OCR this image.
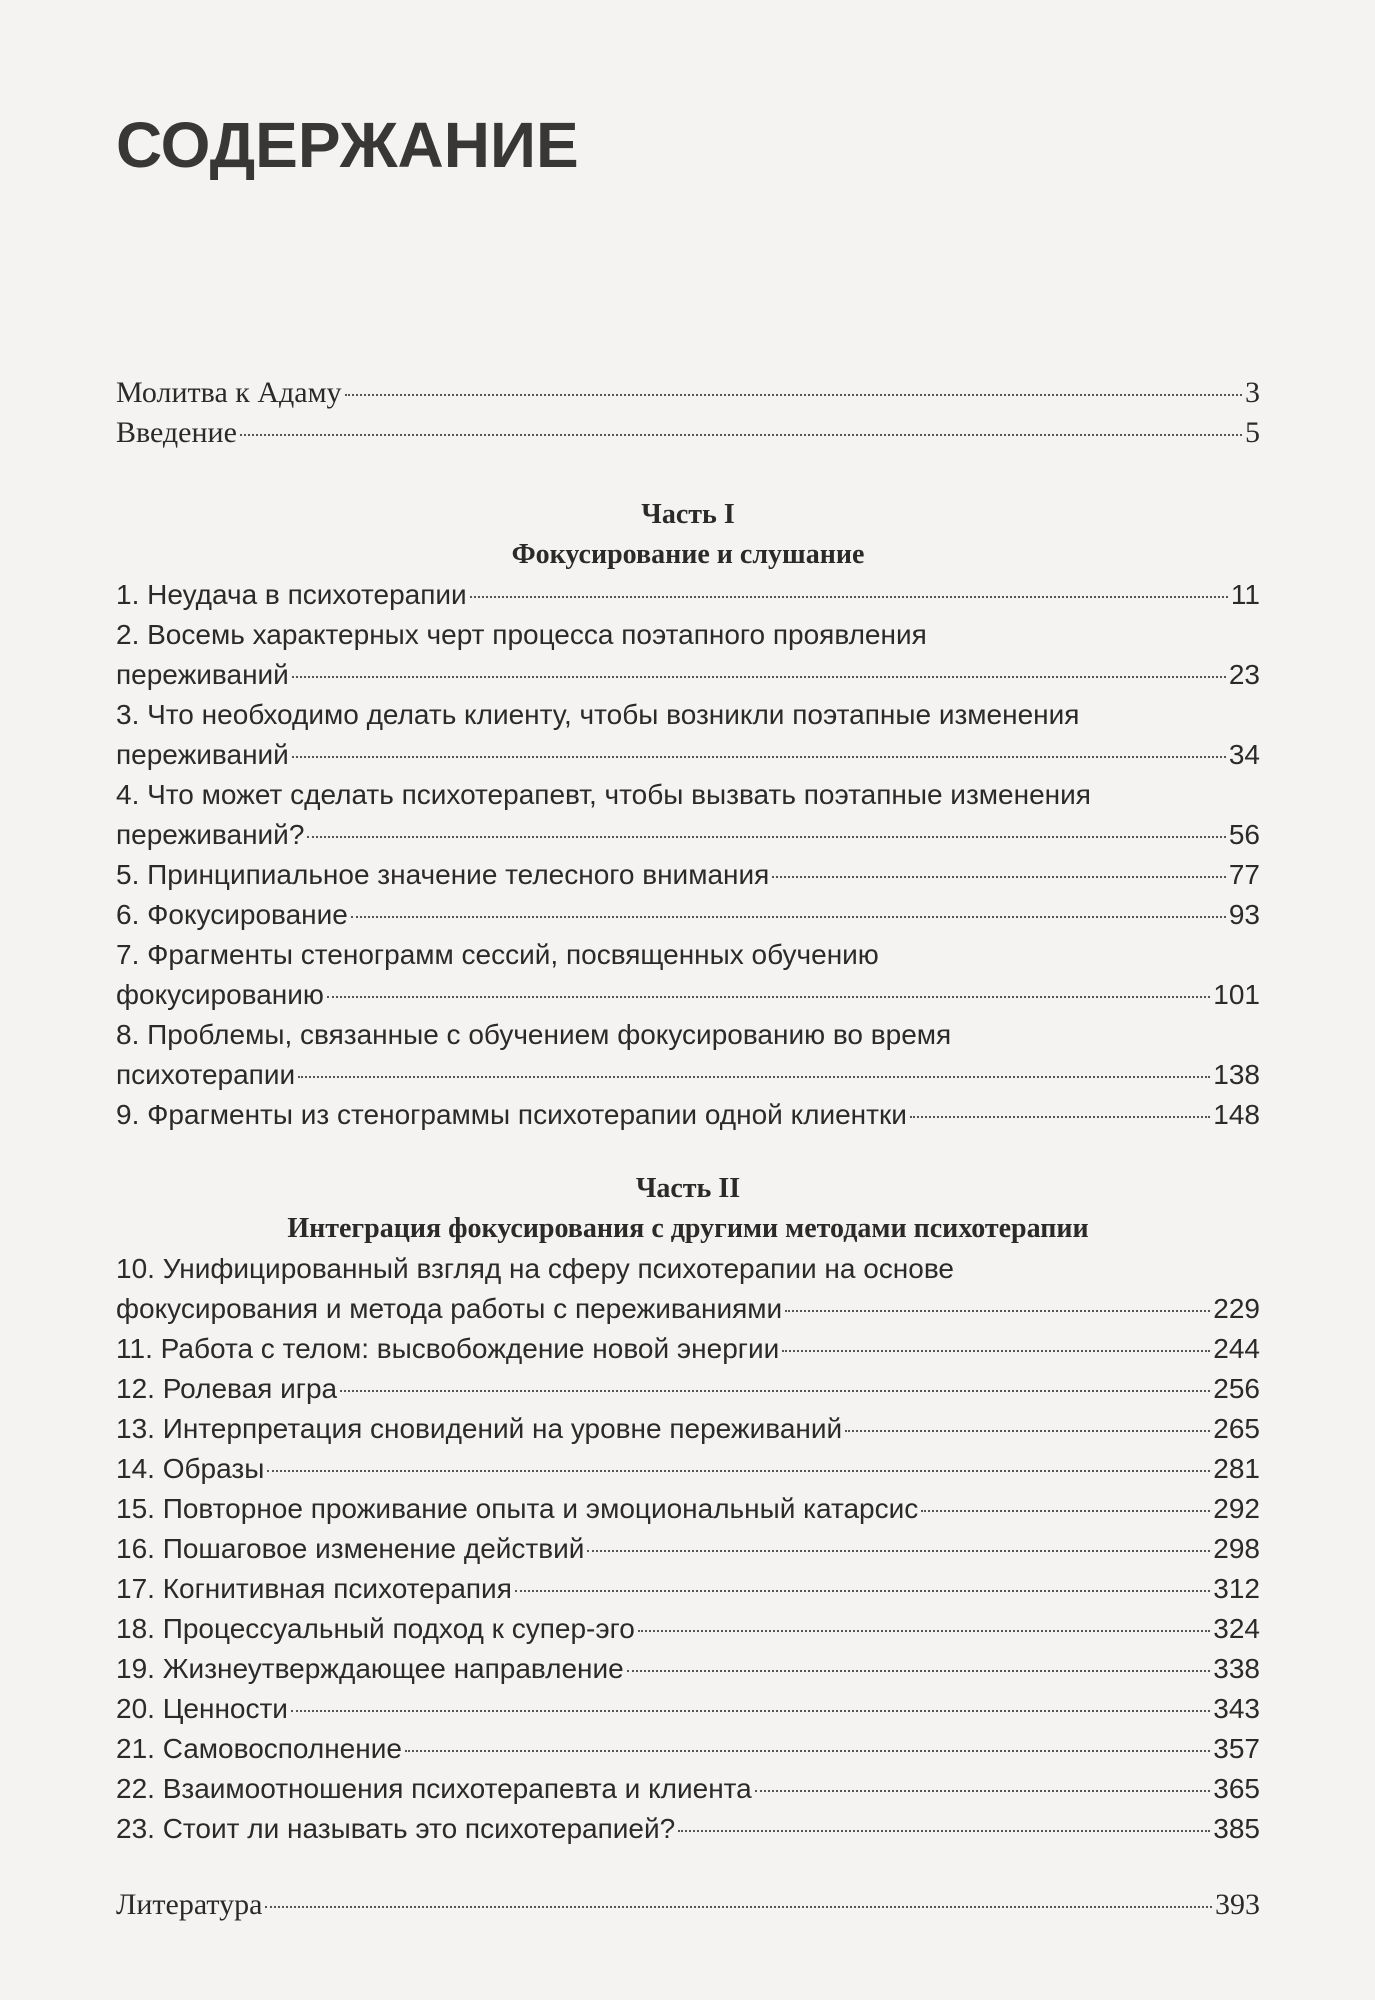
СОДЕРЖАНИЕ
Молитва к Адаму	3
Введение	5
Часть I
Фокусирование и слушание
1. Неудача в психотерапии	11
2. Восемь характерных черт процесса поэтапного проявления
переживаний	23
3. Что необходимо делать клиенту, чтобы возникли поэтапные изменения
переживаний	34
4. Что может сделать психотерапевт, чтобы вызвать поэтапные изменения
переживаний?	56
5. Принципиальное значение телесного внимания	77
6. Фокусирование	93
7. Фрагменты стенограмм сессий, посвященных обучению
фокусированию	101
8. Проблемы, связанные с обучением фокусированию во время
психотерапии	138
9. Фрагменты из стенограммы психотерапии одной клиентки	148
Часть II
Интеграция фокусирования с другими методами психотерапии
10. Унифицированный взгляд на сферу психотерапии на основе
фокусирования и метода работы с переживаниями	229
11. Работа с телом: высвобождение новой энергии	244
12. Ролевая игра	256
13. Интерпретация сновидений на уровне переживаний	265
14. Образы	281
15. Повторное проживание опыта и эмоциональный катарсис	292
16. Пошаговое изменение действий	298
17. Когнитивная психотерапия	312
18. Процессуальный подход к супер-эго	324
19. Жизнеутверждающее направление	338
20. Ценности	343
21. Самовосполнение	357
22. Взаимоотношения психотерапевта и клиента	365
23. Стоит ли называть это психотерапией?	385
Литература	393
